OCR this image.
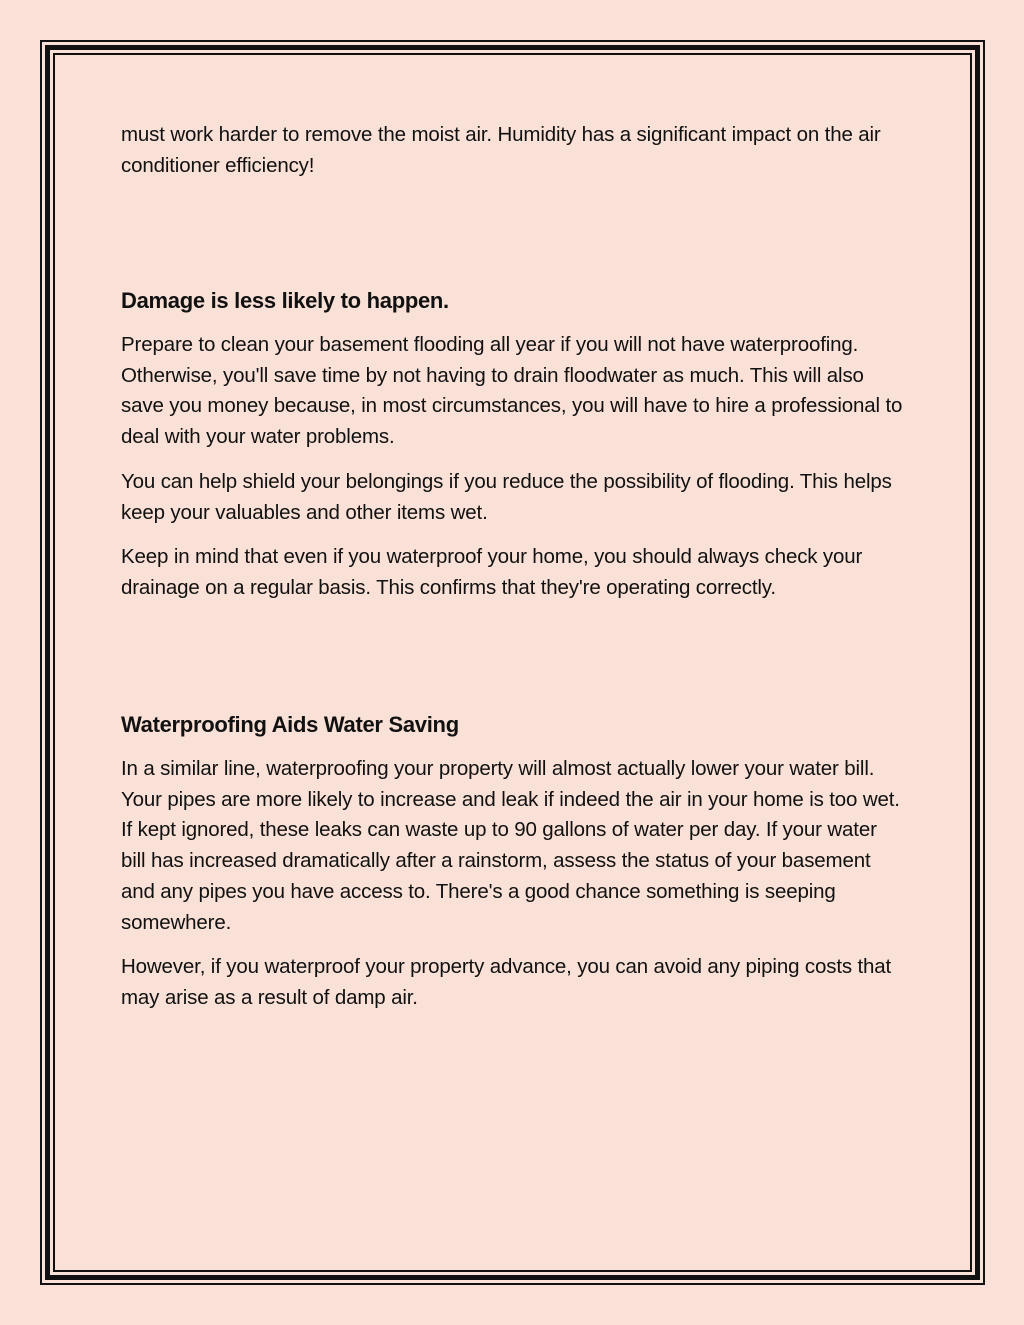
must work harder to remove the moist air. Humidity has a significant impact on the air conditioner efficiency!

Damage is less likely to happen.

Prepare to clean your basement flooding all year if you will not have waterproofing. Otherwise, you'll save time by not having to drain floodwater as much. This will also save you money because, in most circumstances, you will have to hire a professional to deal with your water problems.

You can help shield your belongings if you reduce the possibility of flooding. This helps keep your valuables and other items wet.

Keep in mind that even if you waterproof your home, you should always check your drainage on a regular basis. This confirms that they're operating correctly.

Waterproofing Aids Water Saving

In a similar line, waterproofing your property will almost actually lower your water bill. Your pipes are more likely to increase and leak if indeed the air in your home is too wet. If kept ignored, these leaks can waste up to 90 gallons of water per day. If your water bill has increased dramatically after a rainstorm, assess the status of your basement and any pipes you have access to. There's a good chance something is seeping somewhere.

However, if you waterproof your property advance, you can avoid any piping costs that may arise as a result of damp air.
